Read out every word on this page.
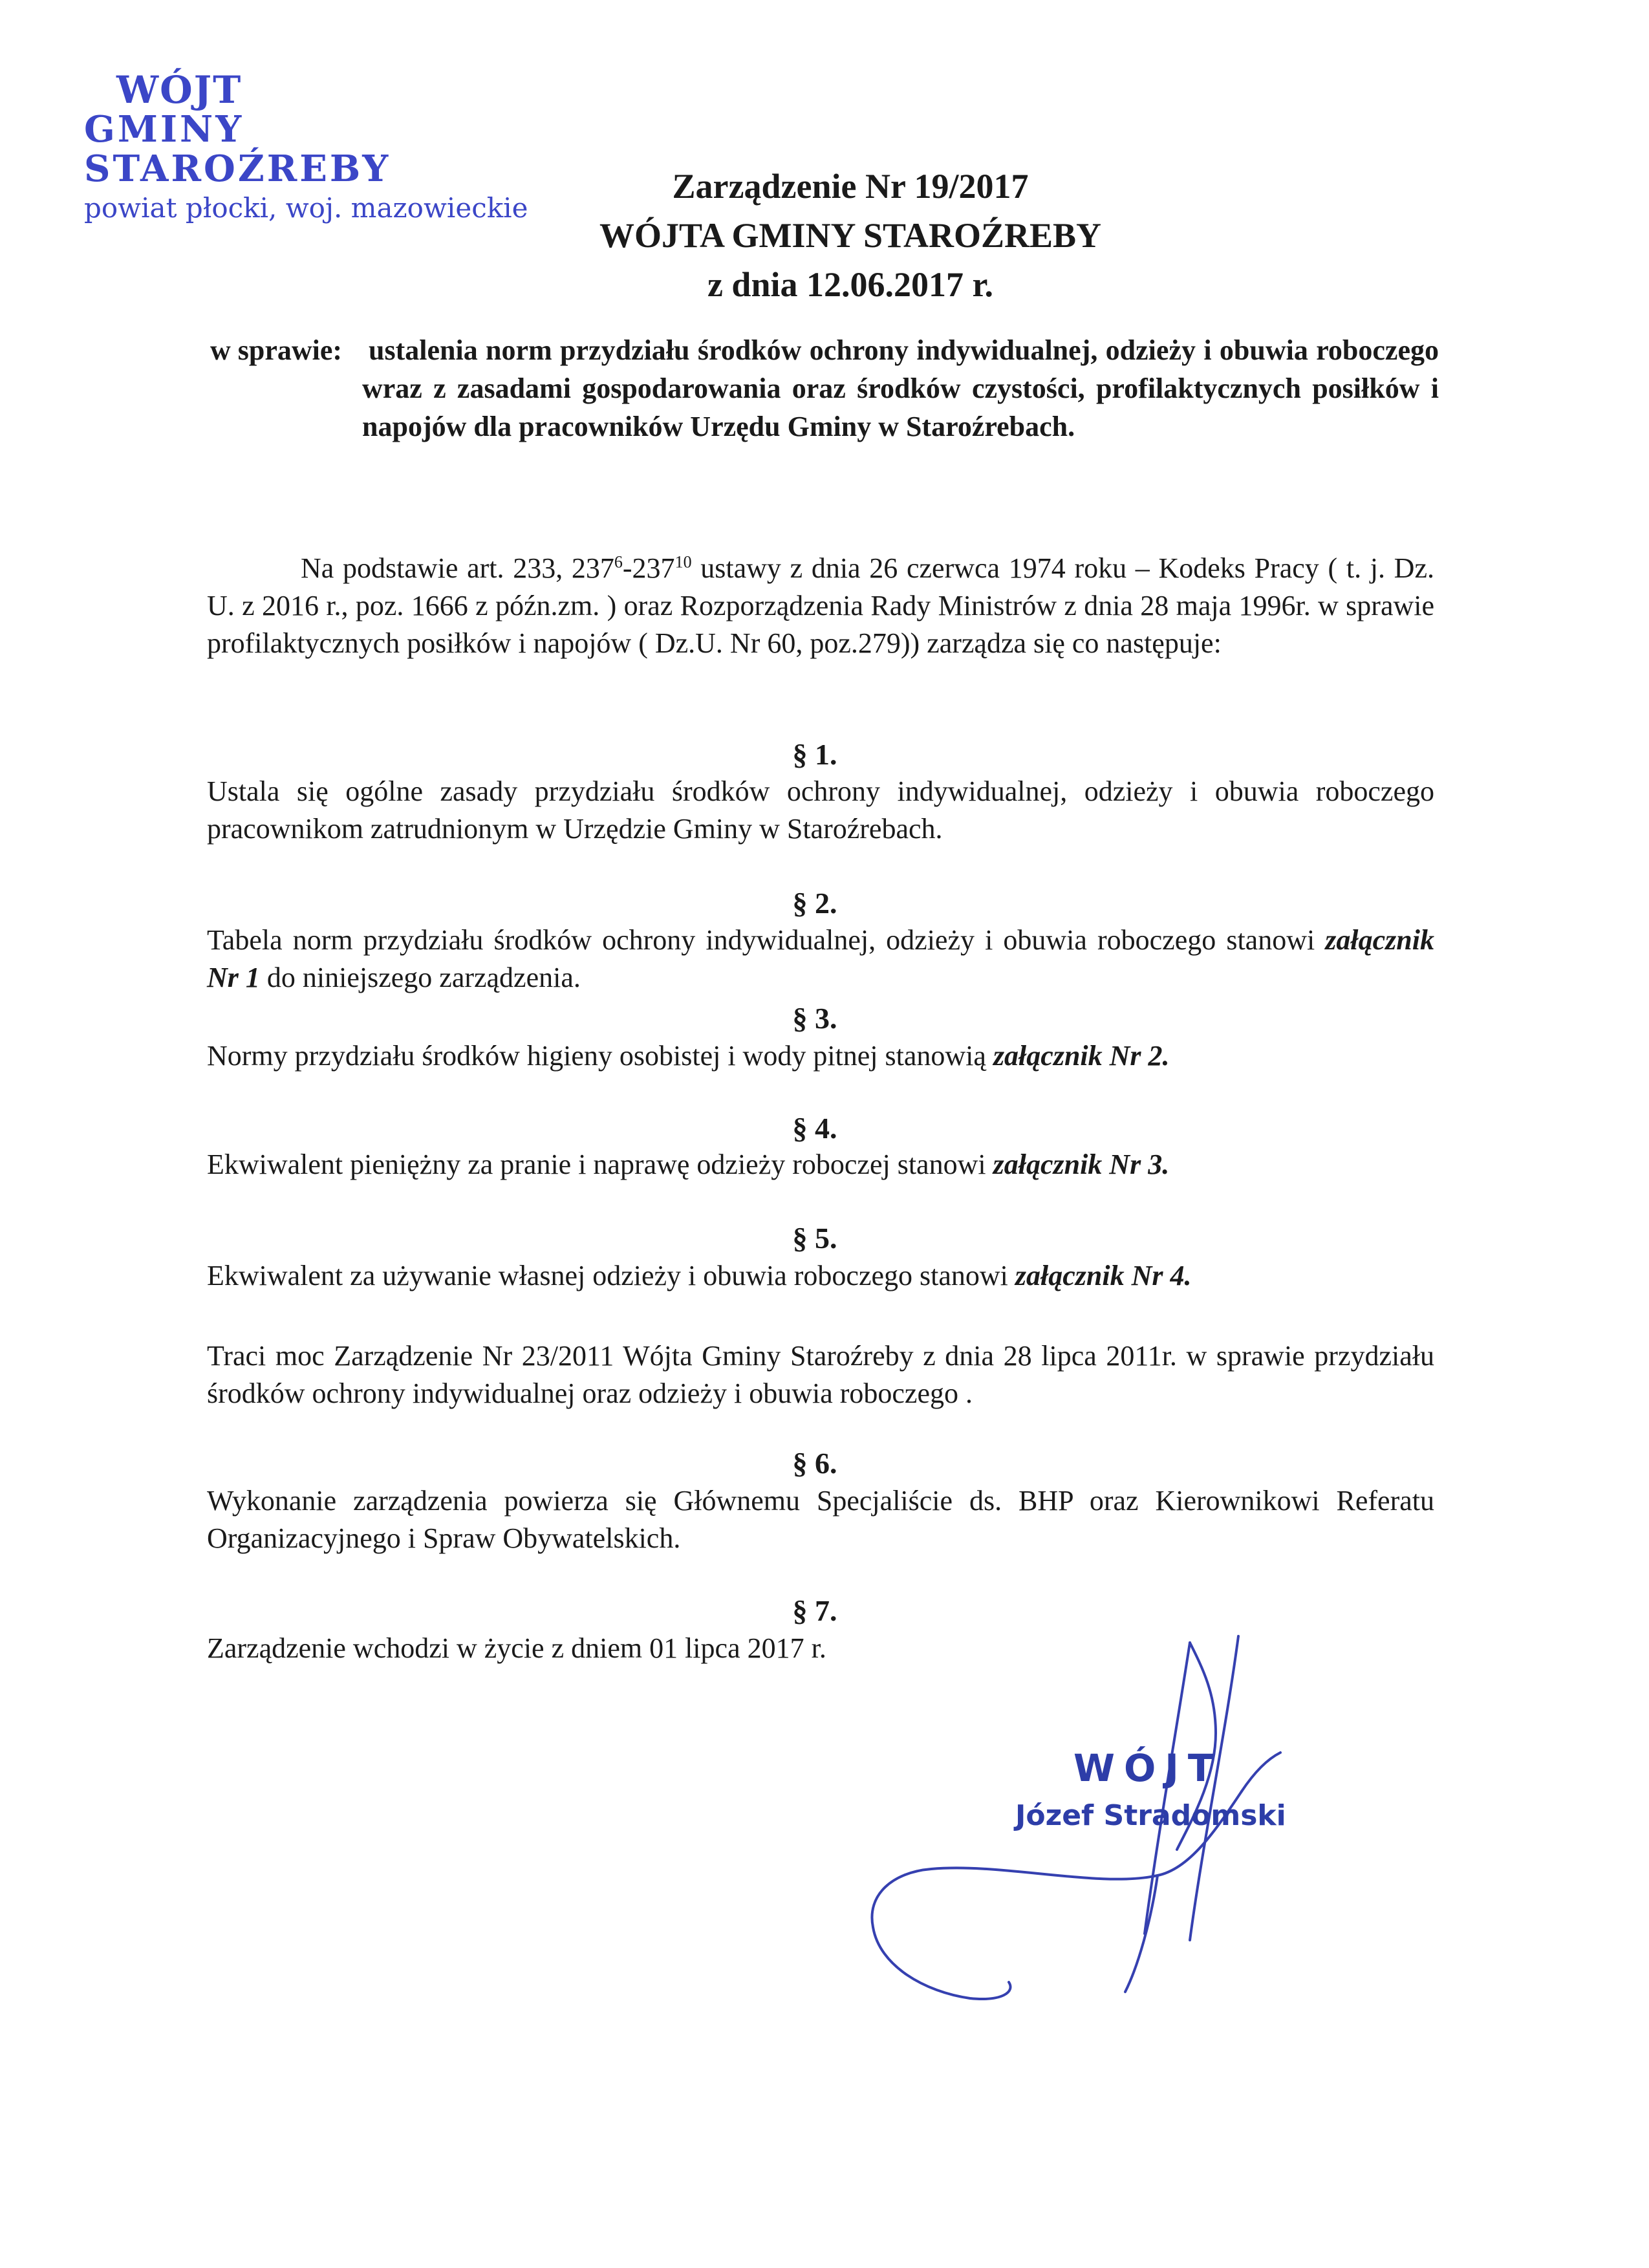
WÓJT
GMINY STAROŹREBY
powiat płocki, woj. mazowieckie
Zarządzenie Nr 19/2017
WÓJTA GMINY STAROŹREBY
z dnia 12.06.2017 r.
w sprawie: ustalenia norm przydziału środków ochrony indywidualnej, odzieży i obuwia roboczego wraz z zasadami gospodarowania oraz środków czystości, profilaktycznych posiłków i napojów dla pracowników Urzędu Gminy w Staroźrebach.
Na podstawie art. 233, $237^6-237^{10}$ ustawy z dnia 26 czerwca 1974 roku – Kodeks Pracy ( t. j. Dz. U. z 2016 r., poz. 1666 z późn.zm. ) oraz Rozporządzenia Rady Ministrów z dnia 28 maja 1996r. w sprawie profilaktycznych posiłków i napojów ( Dz.U. Nr 60, poz.279)) zarządza się co następuje:
§ 1.
Ustala się ogólne zasady przydziału środków ochrony indywidualnej, odzieży i obuwia roboczego pracownikom zatrudnionym w Urzędzie Gminy w Staroźrebach.
§ 2.
Tabela norm przydziału środków ochrony indywidualnej, odzieży i obuwia roboczego stanowi załącznik Nr 1 do niniejszego zarządzenia.
§ 3.
Normy przydziału środków higieny osobistej i wody pitnej stanowią załącznik Nr 2.
§ 4.
Ekwiwalent pieniężny za pranie i naprawę odzieży roboczej stanowi załącznik Nr 3.
§ 5.
Ekwiwalent za używanie własnej odzieży i obuwia roboczego stanowi załącznik Nr 4.
Traci moc Zarządzenie Nr 23/2011 Wójta Gminy Staroźreby z dnia 28 lipca 2011r. w sprawie przydziału środków ochrony indywidualnej oraz odzieży i obuwia roboczego .
§ 6.
Wykonanie zarządzenia powierza się Głównemu Specjaliście ds. BHP oraz Kierownikowi Referatu Organizacyjnego i Spraw Obywatelskich.
§ 7.
Zarządzenie wchodzi w życie z dniem 01 lipca 2017 r.
WÓJT
Józef Stradomski
